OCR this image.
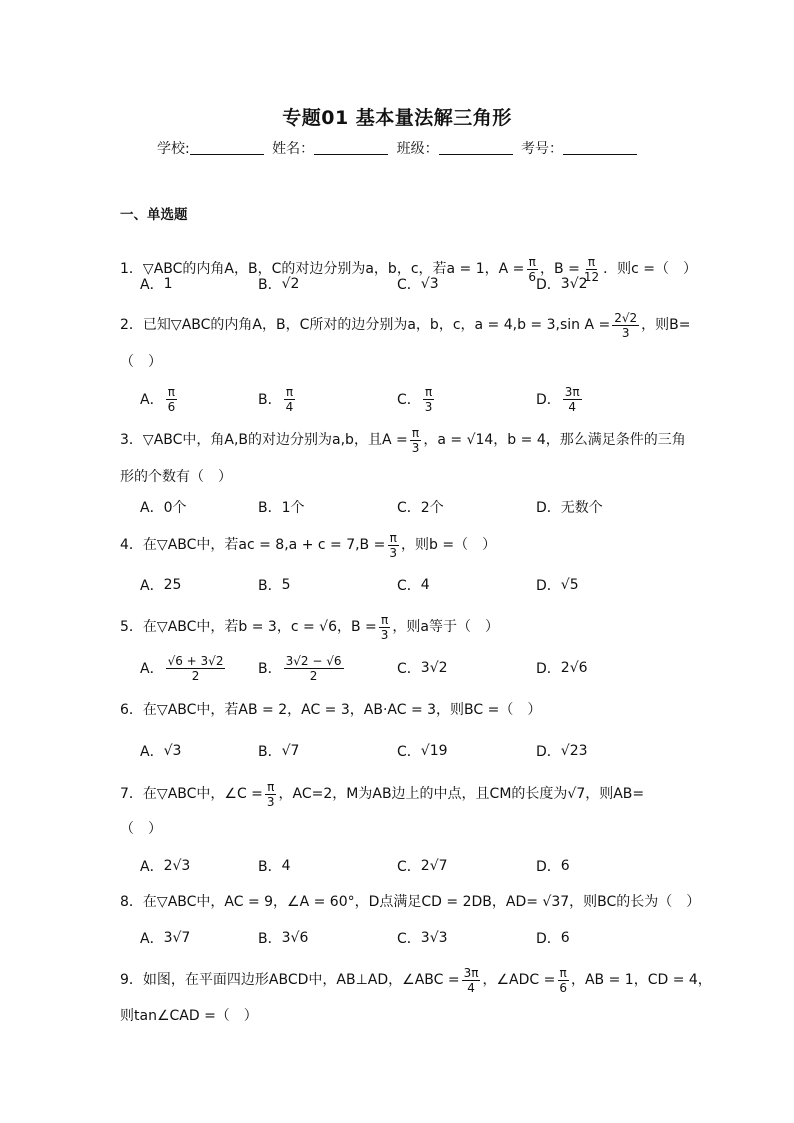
专题01 基本量法解三角形
学校:	姓名：	班级：	考号：
一、单选题
1．▽ABC的内角A，B，C的对边分别为a，b，c，若a = 1，$A = \frac{\pi}{6}$ ，$B = \frac{\pi}{12}$ ．则c =（　）
A． 1	B． √2	C． √3	D． 3√2
2．已知▽ABC的内角A，B，C所对的边分别为a，b，c，a = 4,b = 3,sin $A = \frac{2√2}{3}$ ，则B=
（　）
A． $\frac{\pi}{6}$	B． $\frac{\pi}{4}$	C． $\frac{\pi}{3}$	D． $\frac{3\pi}{4}$
3．▽ABC中，角A,B的对边分别为a,b，且$A = \frac{\pi}{3}$ ，a = √14，b = 4，那么满足条件的三角
形的个数有（　）
A． 0个	B． 1个	C． 2个	D． 无数个
4．在▽ABC中，若ac = $8,a + c = 7,B = \frac{\pi}{3}$ ，则b =（　）
A． 25	B． 5	C． 4	D． √5
5．在▽ABC中，若b = 3，c = √6，$B = \frac{\pi}{3}$ ，则a等于（　）
A． $\frac{√6 + 3√2}{2}$ B． $\frac{3√2 - √6}{2}$	C． 3√2	D． 2√6
6．在▽ABC中，若AB = 2，AC = 3，AB·AC = 3，则BC =（　）
A． √3	B． √7	C． √19	D． √23
7．在▽ABC中，∠C = $\frac{\pi}{3}$ ，AC=2，M为AB边上的中点，且CM的长度为√7，则AB=
（　）
A． 2√3	B． 4	C． 2√7	D． 6
8．在▽ABC中，AC = 9，∠A = 60°，D点满足CD = 2DB，AD= √37，则BC的长为（　）
A． 3√7	B． 3√6	C． 3√3	D． 6
9．如图，在平面四边形ABCD中，AB⊥AD，∠ABC = $\frac{3\pi}{4}$ ，∠ADC = $\frac{\pi}{6}$ ，AB = 1，CD = 4，
则tan∠CAD =（　）
